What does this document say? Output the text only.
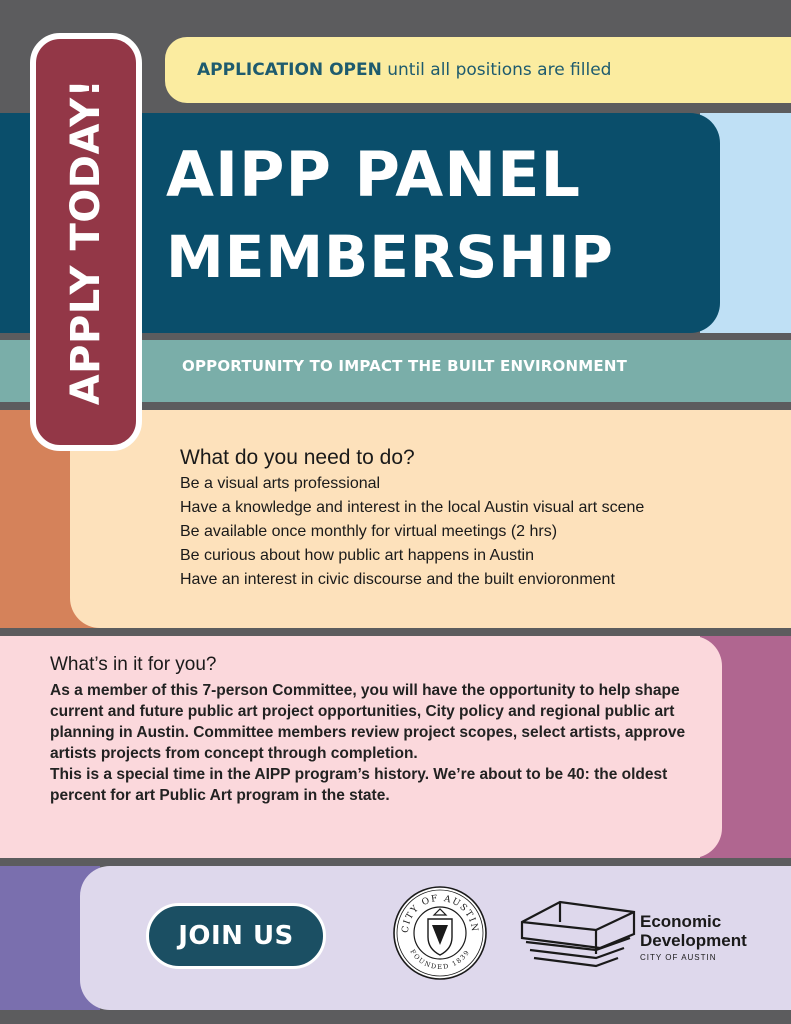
APPLICATION OPEN until all positions are filled
AIPP PANEL
MEMBERSHIP
OPPORTUNITY TO IMPACT THE BUILT ENVIRONMENT
What do you need to do?
Be a visual arts professional
Have a knowledge and interest in the local Austin visual art scene
Be available once monthly for virtual meetings (2 hrs)
Be curious about how public art happens in Austin
Have an interest in civic discourse and the built envioronment
What’s in it for you?

As a member of this 7-person Committee, you will have the opportunity to help shape current and future public art project opportunities, City policy and regional public art planning in Austin. Committee members review project scopes, select artists, approve artists projects from concept through completion.

This is a special time in the AIPP program’s history. We’re about to be 40: the oldest percent for art Public Art program in the state.

JOIN US	CITY OF AUSTIN
FOUNDED 1839
Economic
Development
CITY OF AUSTIN
APPLY TODAY!
